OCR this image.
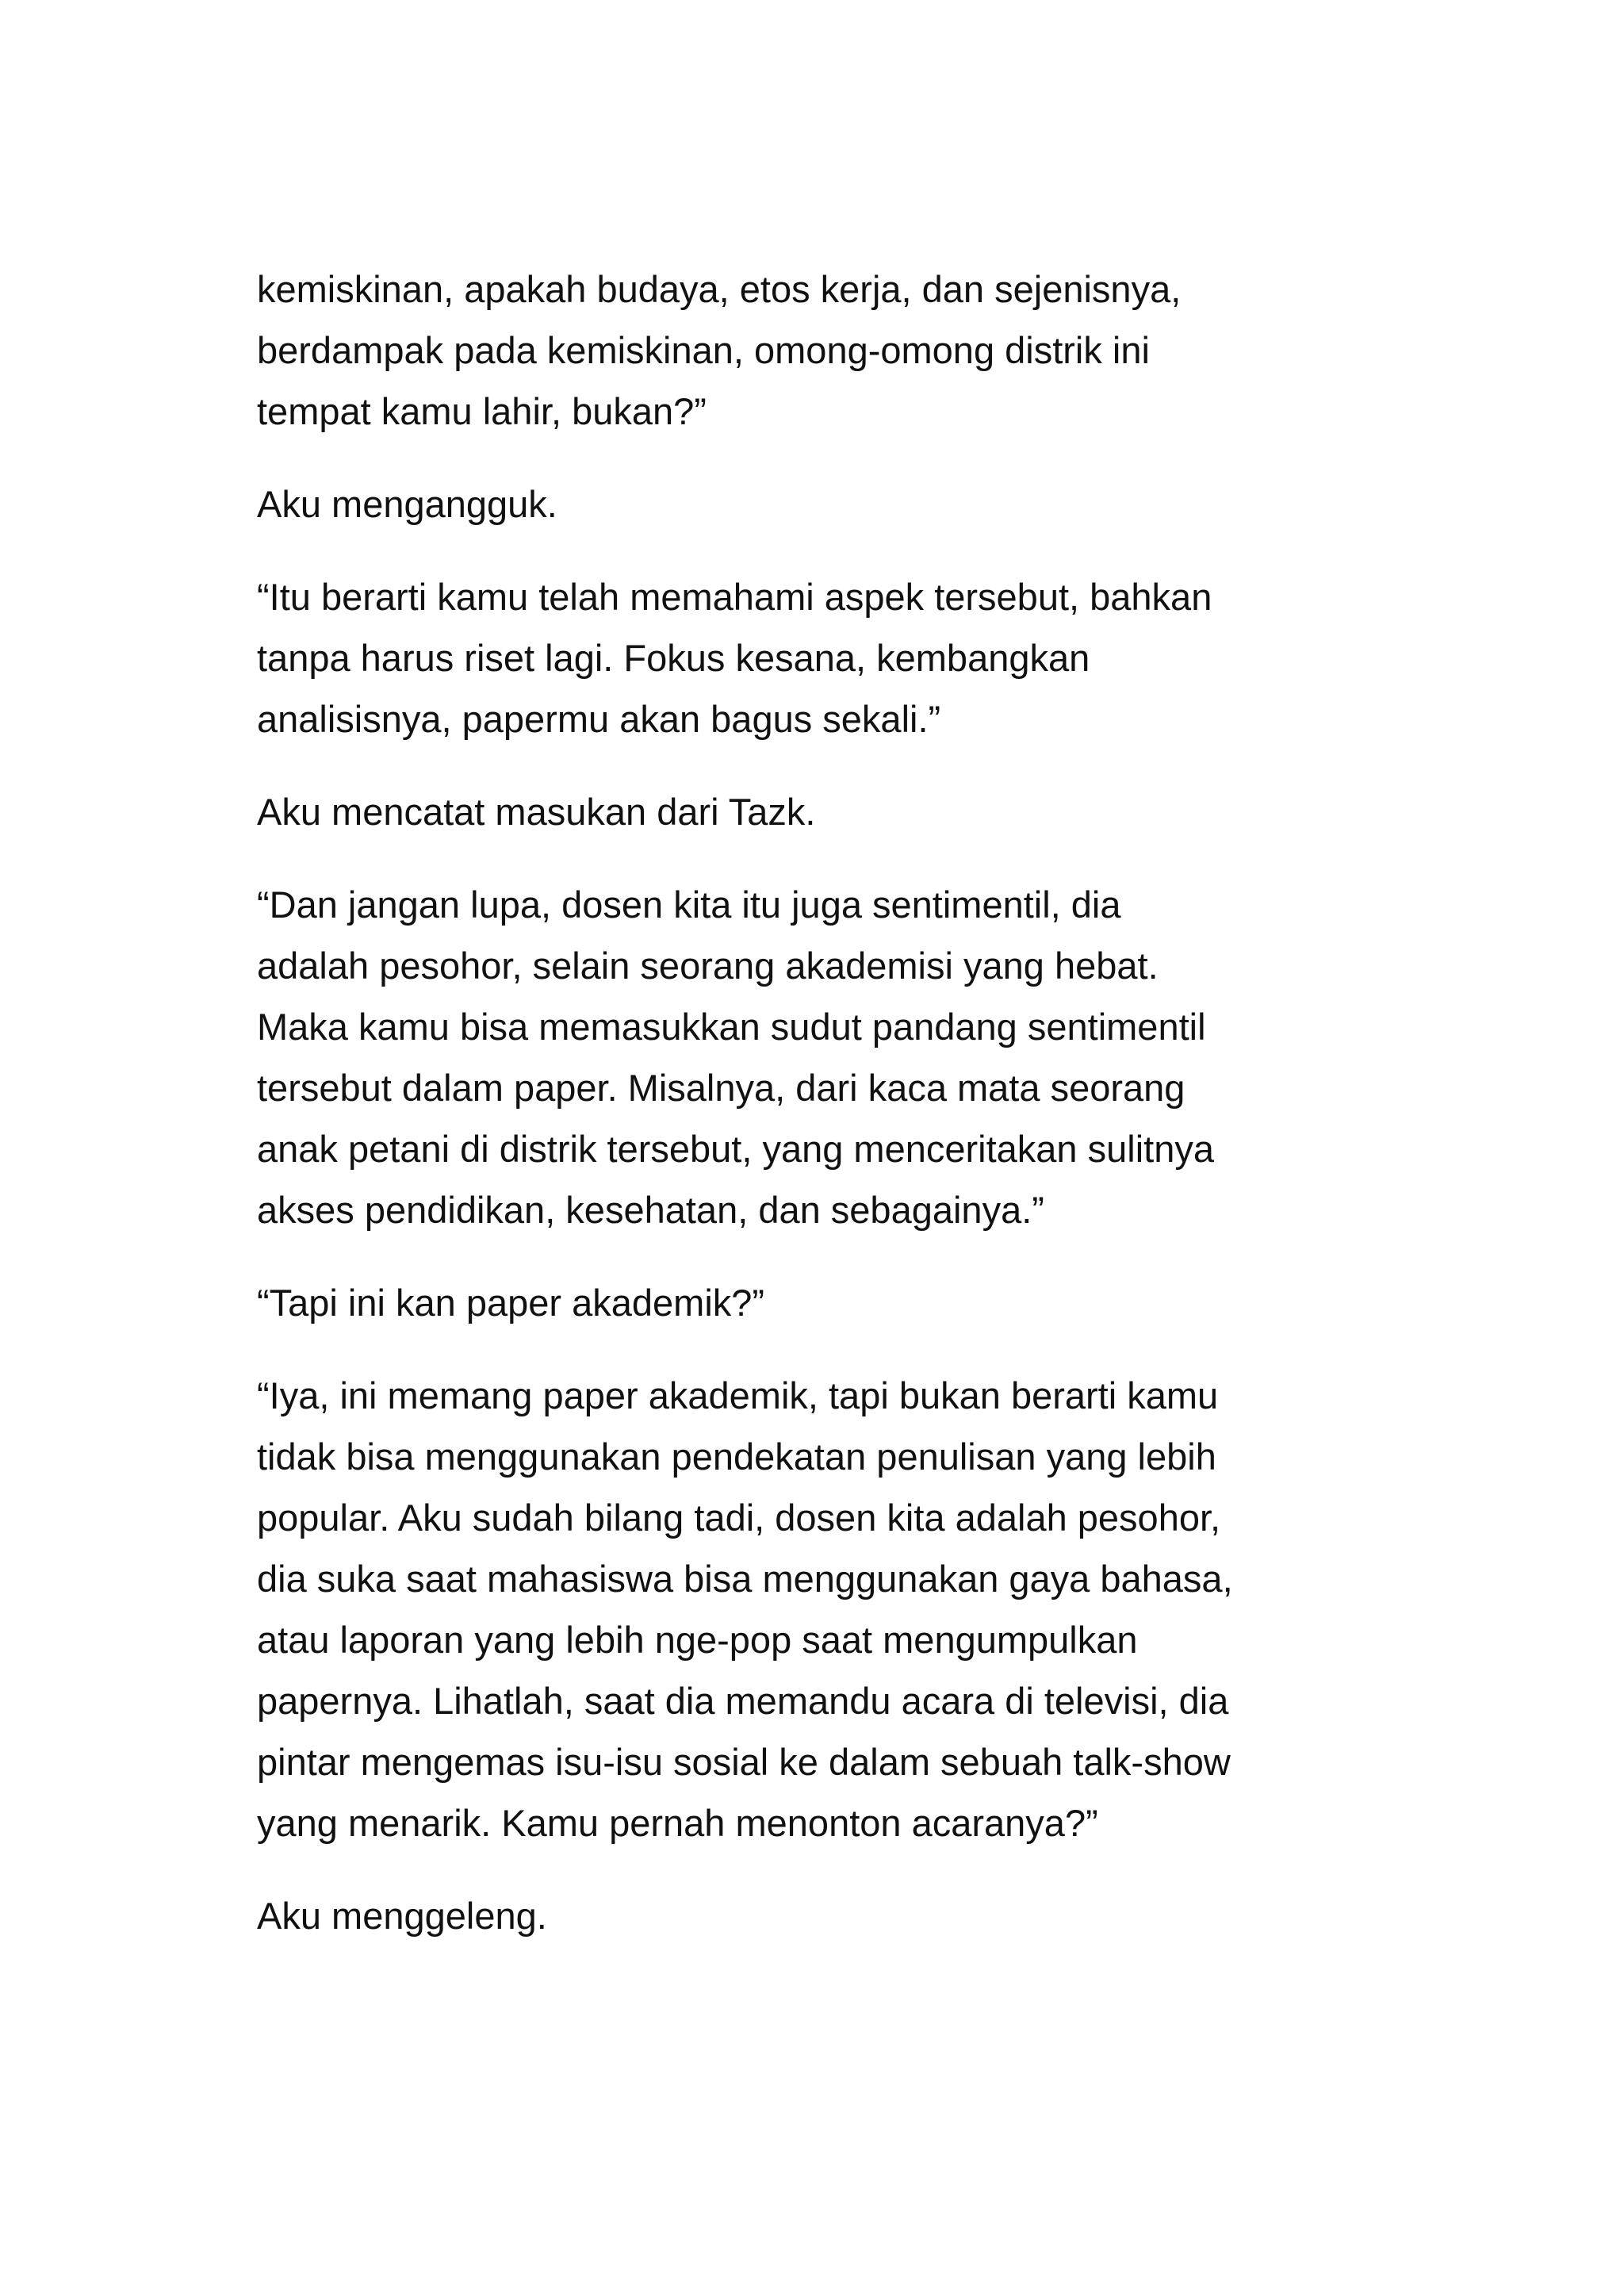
kemiskinan, apakah budaya, etos kerja, dan sejenisnya,
berdampak pada kemiskinan, omong-omong distrik ini
tempat kamu lahir, bukan?”
Aku mengangguk.
“Itu berarti kamu telah memahami aspek tersebut, bahkan
tanpa harus riset lagi. Fokus kesana, kembangkan
analisisnya, papermu akan bagus sekali.”
Aku mencatat masukan dari Tazk.
“Dan jangan lupa, dosen kita itu juga sentimentil, dia
adalah pesohor, selain seorang akademisi yang hebat.
Maka kamu bisa memasukkan sudut pandang sentimentil
tersebut dalam paper. Misalnya, dari kaca mata seorang
anak petani di distrik tersebut, yang menceritakan sulitnya
akses pendidikan, kesehatan, dan sebagainya.”
“Tapi ini kan paper akademik?”
“Iya, ini memang paper akademik, tapi bukan berarti kamu
tidak bisa menggunakan pendekatan penulisan yang lebih
popular. Aku sudah bilang tadi, dosen kita adalah pesohor,
dia suka saat mahasiswa bisa menggunakan gaya bahasa,
atau laporan yang lebih nge-pop saat mengumpulkan
papernya. Lihatlah, saat dia memandu acara di televisi, dia
pintar mengemas isu-isu sosial ke dalam sebuah talk-show
yang menarik. Kamu pernah menonton acaranya?”
Aku menggeleng.
